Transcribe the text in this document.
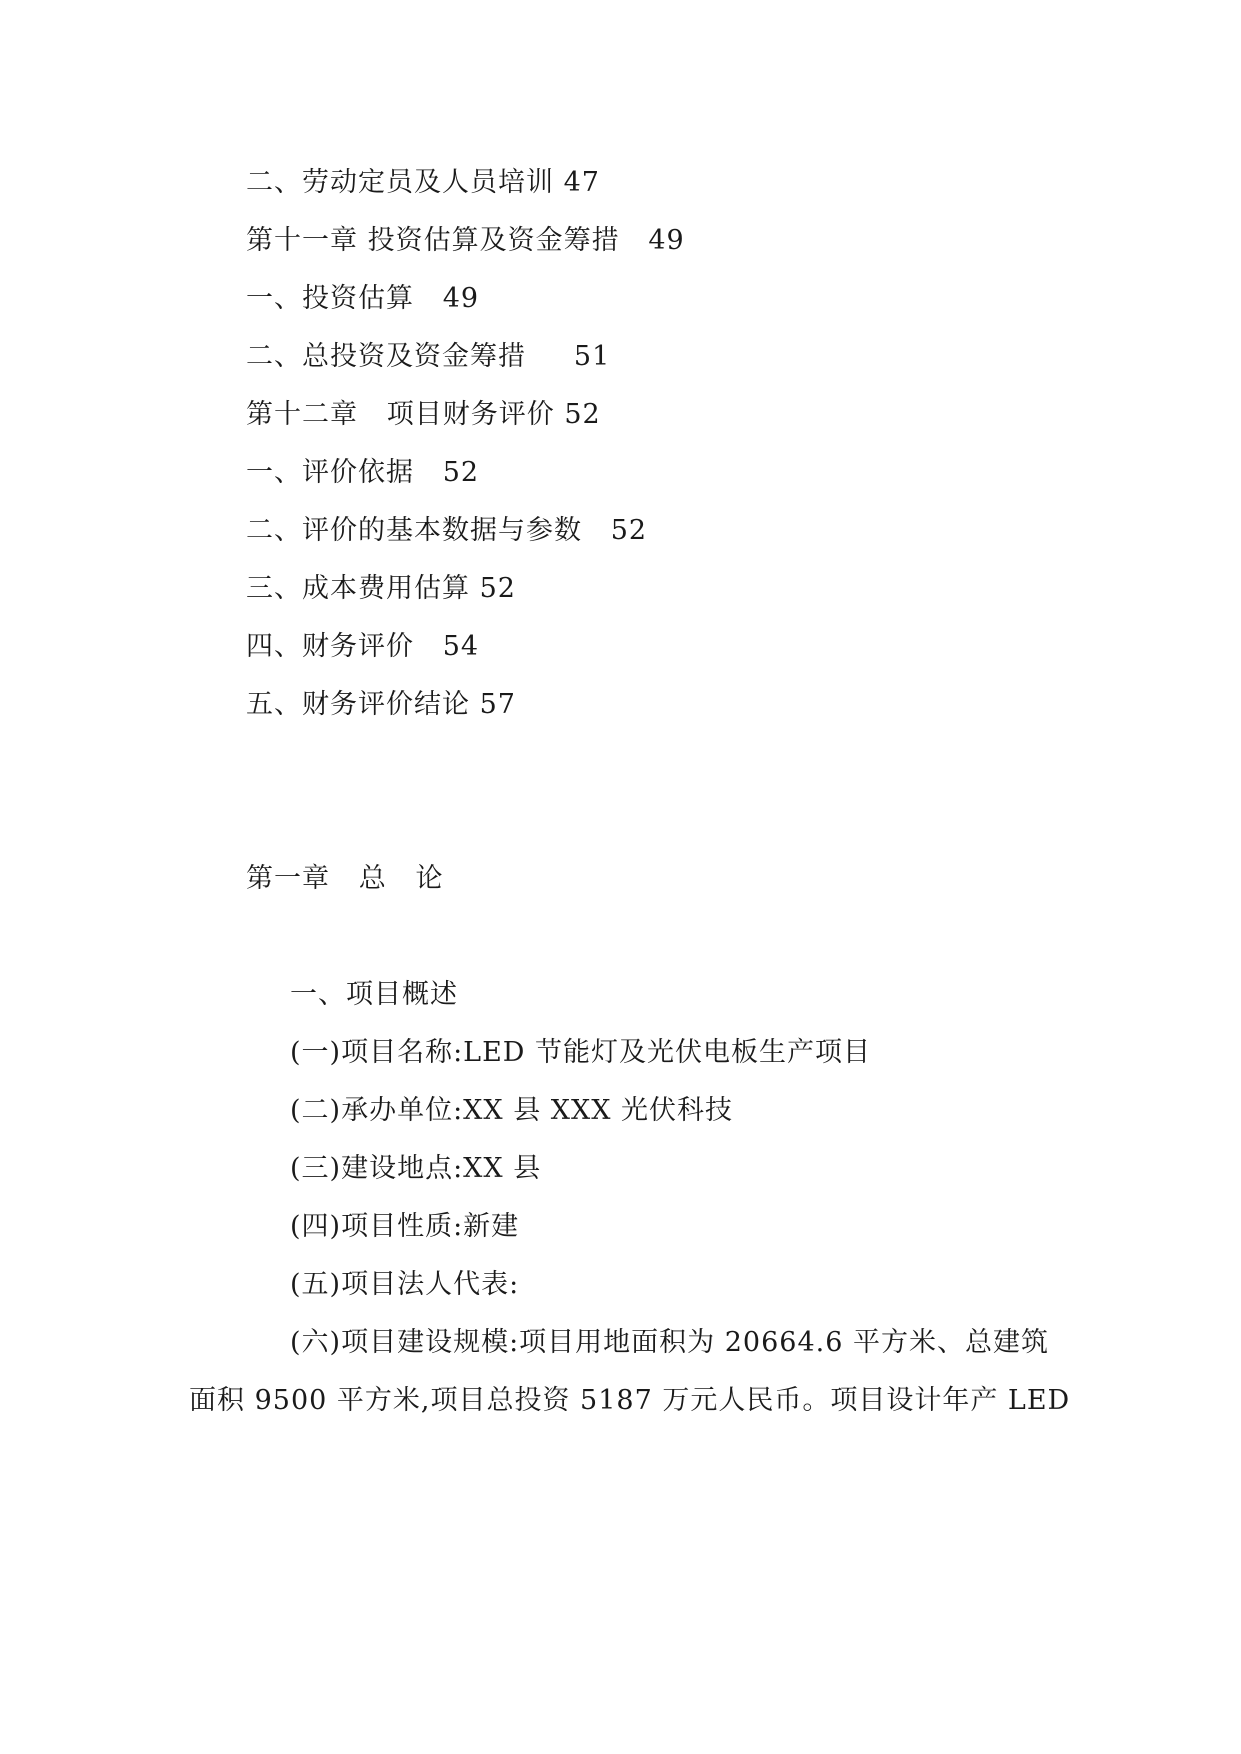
二、劳动定员及人员培训 47
第十一章 投资估算及资金筹措   49
一、投资估算   49
二、总投资及资金筹措     51
第十二章   项目财务评价 52
一、评价依据   52
二、评价的基本数据与参数   52
三、成本费用估算 52
四、财务评价   54
五、财务评价结论 57
第一章   总   论
一、项目概述
(一)项目名称:LED 节能灯及光伏电板生产项目
(二)承办单位:XX 县 XXX 光伏科技
(三)建设地点:XX 县
(四)项目性质:新建
(五)项目法人代表:
(六)项目建设规模:项目用地面积为 20664.6 平方米、总建筑
面积 9500 平方米,项目总投资 5187 万元人民币。项目设计年产 LED
